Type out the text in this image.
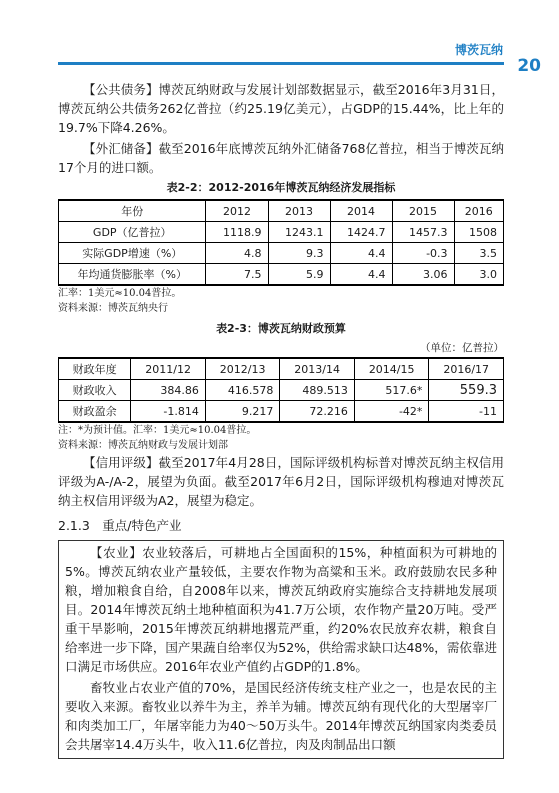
博茨瓦纳
20

【公共债务】博茨瓦纳财政与发展计划部数据显示，截至2016年3月31日，博茨瓦纳公共债务262亿普拉（约25.19亿美元），占GDP的15.44%，比上年的19.7%下降4.26%。

【外汇储备】截至2016年底博茨瓦纳外汇储备768亿普拉，相当于博茨瓦纳17个月的进口额。

表2-2：2012-2016年博茨瓦纳经济发展指标
年份	2012	2013	2014	2015	2016
GDP（亿普拉）	1118.9	1243.1	1424.7	1457.3	1508
实际GDP增速（%）	4.8	9.3	4.4	-0.3	3.5
年均通货膨胀率（%）	7.5	5.9	4.4	3.06	3.0

汇率：1美元≈10.04普拉。

资料来源：博茨瓦纳央行

表2-3：博茨瓦纳财政预算

（单位：亿普拉）

财政年度	2011/12	2012/13	2013/14	2014/15	2016/17
财政收入	384.86	416.578	489.513	517.6*	559.3
财政盈余	-1.814	9.217	72.216	-42*	-11

注：*为预计值。汇率：1美元≈10.04普拉。

资料来源：博茨瓦纳财政与发展计划部

【信用评级】截至2017年4月28日，国际评级机构标普对博茨瓦纳主权信用评级为A-/A-2，展望为负面。截至2017年6月2日，国际评级机构穆迪对博茨瓦纳主权信用评级为A2，展望为稳定。

2.1.3　重点/特色产业

【农业】农业较落后，可耕地占全国面积的15%，种植面积为可耕地的5%。博茨瓦纳农业产量较低，主要农作物为高粱和玉米。政府鼓励农民多种粮，增加粮食自给，自2008年以来，博茨瓦纳政府实施综合支持耕地发展项目。2014年博茨瓦纳土地种植面积为41.7万公顷，农作物产量20万吨。受严重干旱影响，2015年博茨瓦纳耕地撂荒严重，约20%农民放弃农耕，粮食自给率进一步下降，国产果蔬自给率仅为52%，供给需求缺口达48%，需依靠进口满足市场供应。2016年农业产值约占GDP的1.8%。

畜牧业占农业产值的70%，是国民经济传统支柱产业之一，也是农民的主要收入来源。畜牧业以养牛为主，养羊为辅。博茨瓦纳有现代化的大型屠宰厂和肉类加工厂，年屠宰能力为40～50万头牛。2014年博茨瓦纳国家肉类委员会共屠宰14.4万头牛，收入11.6亿普拉，肉及肉制品出口额
